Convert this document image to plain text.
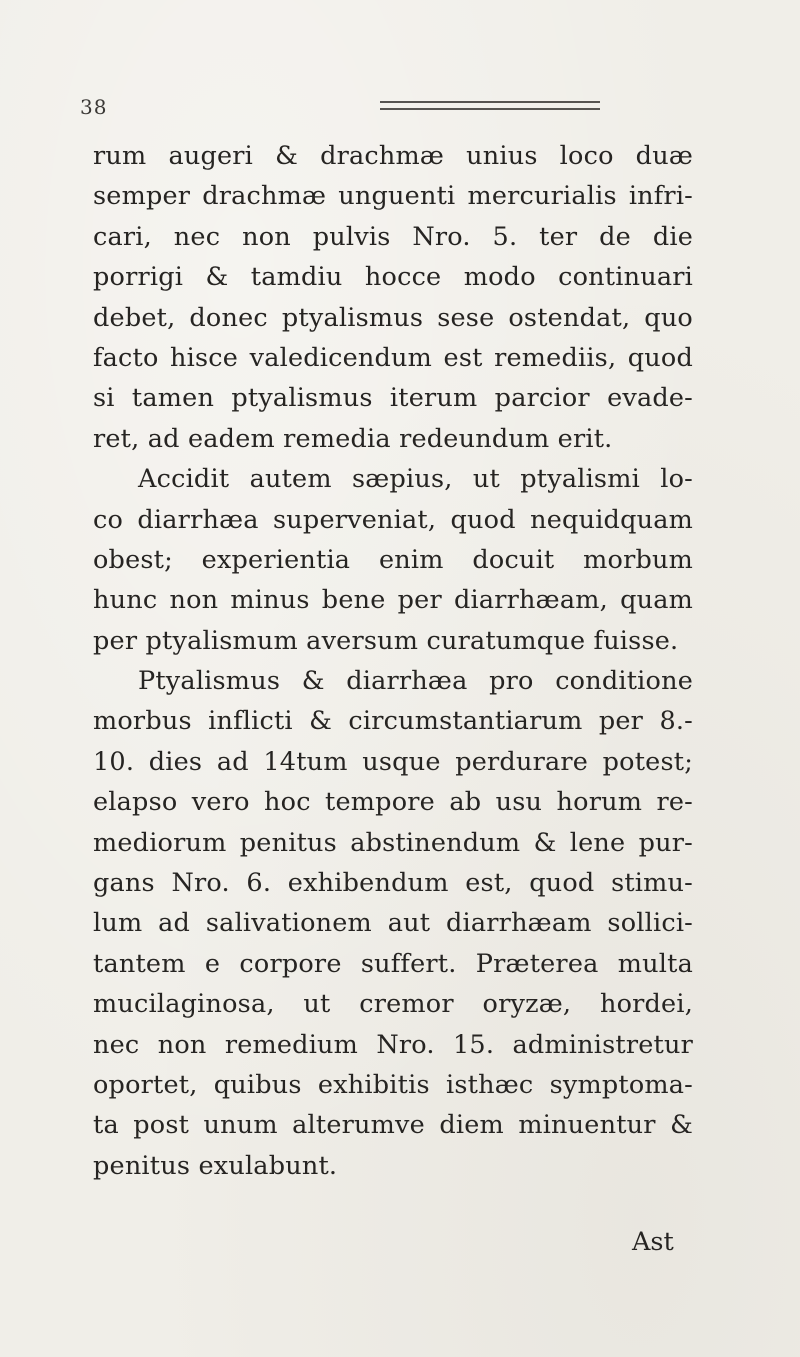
38
rum augeri & drachmæ unius loco duæ
semper drachmæ unguenti mercurialis infri-
cari, nec non pulvis Nro. 5. ter de die
porrigi & tamdiu hocce modo continuari
debet, donec ptyalismus sese ostendat, quo
facto hisce valedicendum est remediis, quod
si tamen ptyalismus iterum parcior evade-
ret, ad eadem remedia redeundum erit.
Accidit autem sæpius, ut ptyalismi lo-
co diarrhæa superveniat, quod nequidquam
obest; experientia enim docuit morbum
hunc non minus bene per diarrhæam, quam
per ptyalismum aversum curatumque fuisse.
Ptyalismus & diarrhæa pro conditione
morbus inflicti & circumstantiarum per 8.-
10. dies ad 14tum usque perdurare potest;
elapso vero hoc tempore ab usu horum re-
mediorum penitus abstinendum & lene pur-
gans Nro. 6. exhibendum est, quod stimu-
lum ad salivationem aut diarrhæam sollici-
tantem e corpore suffert. Præterea multa
mucilaginosa, ut cremor oryzæ, hordei,
nec non remedium Nro. 15. administretur
oportet, quibus exhibitis isthæc symptoma-
ta post unum alterumve diem minuentur &
penitus exulabunt.
Ast
